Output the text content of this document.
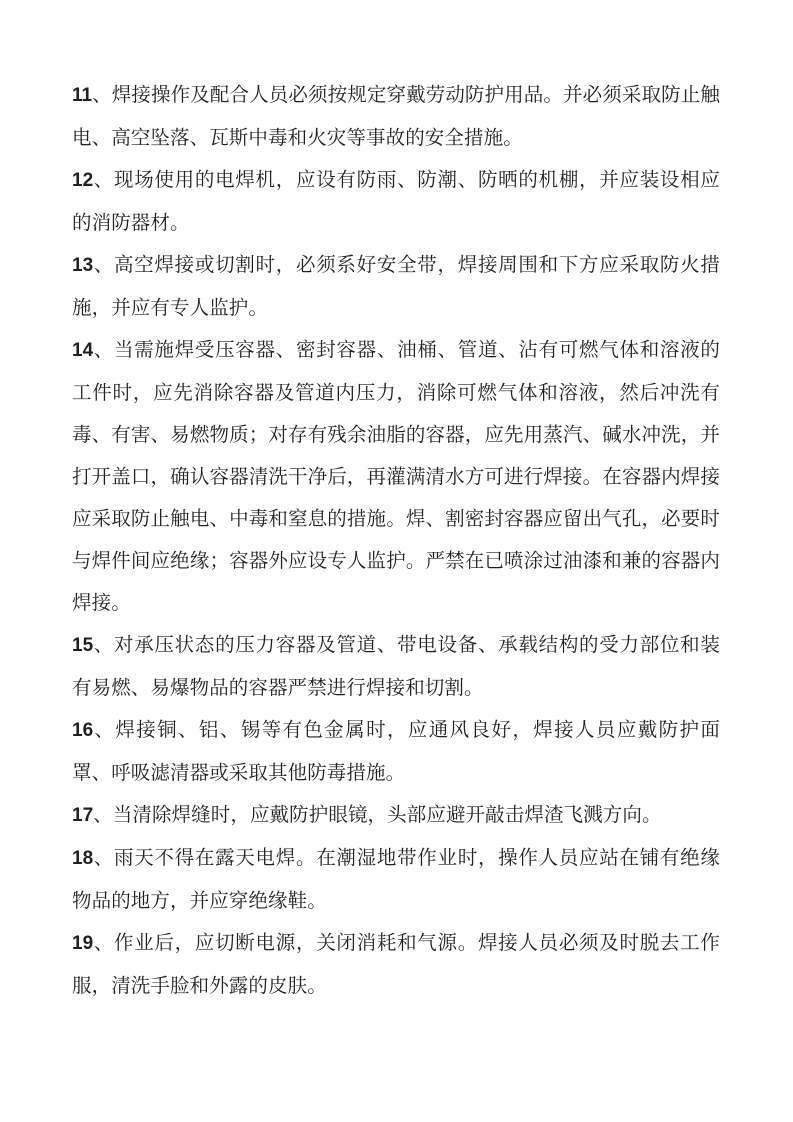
11、焊接操作及配合人员必须按规定穿戴劳动防护用品。并必须采取防止触电、高空坠落、瓦斯中毒和火灾等事故的安全措施。

12、现场使用的电焊机，应设有防雨、防潮、防晒的机棚，并应装设相应的消防器材。

13、高空焊接或切割时，必须系好安全带，焊接周围和下方应采取防火措施，并应有专人监护。

14、当需施焊受压容器、密封容器、油桶、管道、沾有可燃气体和溶液的工件时，应先消除容器及管道内压力，消除可燃气体和溶液，然后冲洗有毒、有害、易燃物质；对存有残余油脂的容器，应先用蒸汽、碱水冲洗，并打开盖口，确认容器清洗干净后，再灌满清水方可进行焊接。在容器内焊接应采取防止触电、中毒和窒息的措施。焊、割密封容器应留出气孔，必要时与焊件间应绝缘；容器外应设专人监护。严禁在已喷涂过油漆和兼的容器内焊接。

15、对承压状态的压力容器及管道、带电设备、承载结构的受力部位和装有易燃、易爆物品的容器严禁进行焊接和切割。

16、焊接铜、铝、锡等有色金属时，应通风良好，焊接人员应戴防护面罩、呼吸滤清器或采取其他防毒措施。

17、当清除焊缝时，应戴防护眼镜，头部应避开敲击焊渣飞溅方向。

18、雨天不得在露天电焊。在潮湿地带作业时，操作人员应站在铺有绝缘物品的地方，并应穿绝缘鞋。

19、作业后，应切断电源，关闭消耗和气源。焊接人员必须及时脱去工作服，清洗手脸和外露的皮肤。
